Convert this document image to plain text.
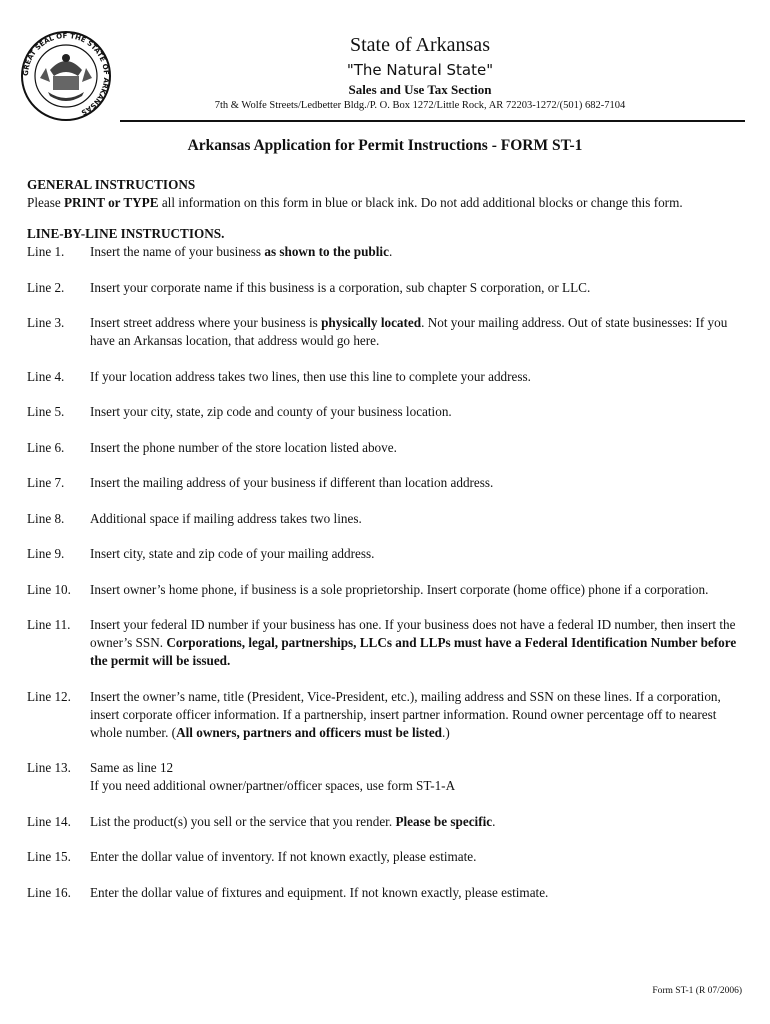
GREAT SEAL OF THE STATE OF ARKANSAS
State of Arkansas
"The Natural State"
Sales and Use Tax Section
7th & Wolfe Streets/Ledbetter Bldg./P. O. Box 1272/Little Rock, AR 72203-1272/(501) 682-7104
Arkansas Application for Permit Instructions - FORM ST-1
GENERAL INSTRUCTIONS
Please PRINT or TYPE all information on this form in blue or black ink. Do not add additional blocks or change this form.
LINE-BY-LINE INSTRUCTIONS.
Line 1.	Insert the name of your business as shown to the public.
Line 2.	Insert your corporate name if this business is a corporation, sub chapter S corporation, or LLC.
Line 3.	Insert street address where your business is physically located. Not your mailing address. Out of state businesses: If you have an Arkansas location, that address would go here.
Line 4.	If your location address takes two lines, then use this line to complete your address.
Line 5.	Insert your city, state, zip code and county of your business location.
Line 6.	Insert the phone number of the store location listed above.
Line 7.	Insert the mailing address of your business if different than location address.
Line 8.	Additional space if mailing address takes two lines.
Line 9.	Insert city, state and zip code of your mailing address.
Line 10.	Insert owner’s home phone, if business is a sole proprietorship. Insert corporate (home office) phone if a corporation.
Line 11.	Insert your federal ID number if your business has one. If your business does not have a federal ID number, then insert the owner’s SSN. Corporations, legal, partnerships, LLCs and LLPs must have a Federal Identification Number before the permit will be issued.
Line 12.	Insert the owner’s name, title (President, Vice-President, etc.), mailing address and SSN on these lines. If a corporation, insert corporate officer information. If a partnership, insert partner information. Round owner percentage off to nearest whole number. (All owners, partners and officers must be listed.)
Line 13.	Same as line 12
If you need additional owner/partner/officer spaces, use form ST-1-A
Line 14.	List the product(s) you sell or the service that you render. Please be specific.
Line 15.	Enter the dollar value of inventory. If not known exactly, please estimate.
Line 16.	Enter the dollar value of fixtures and equipment. If not known exactly, please estimate.
Form ST-1 (R 07/2006)
